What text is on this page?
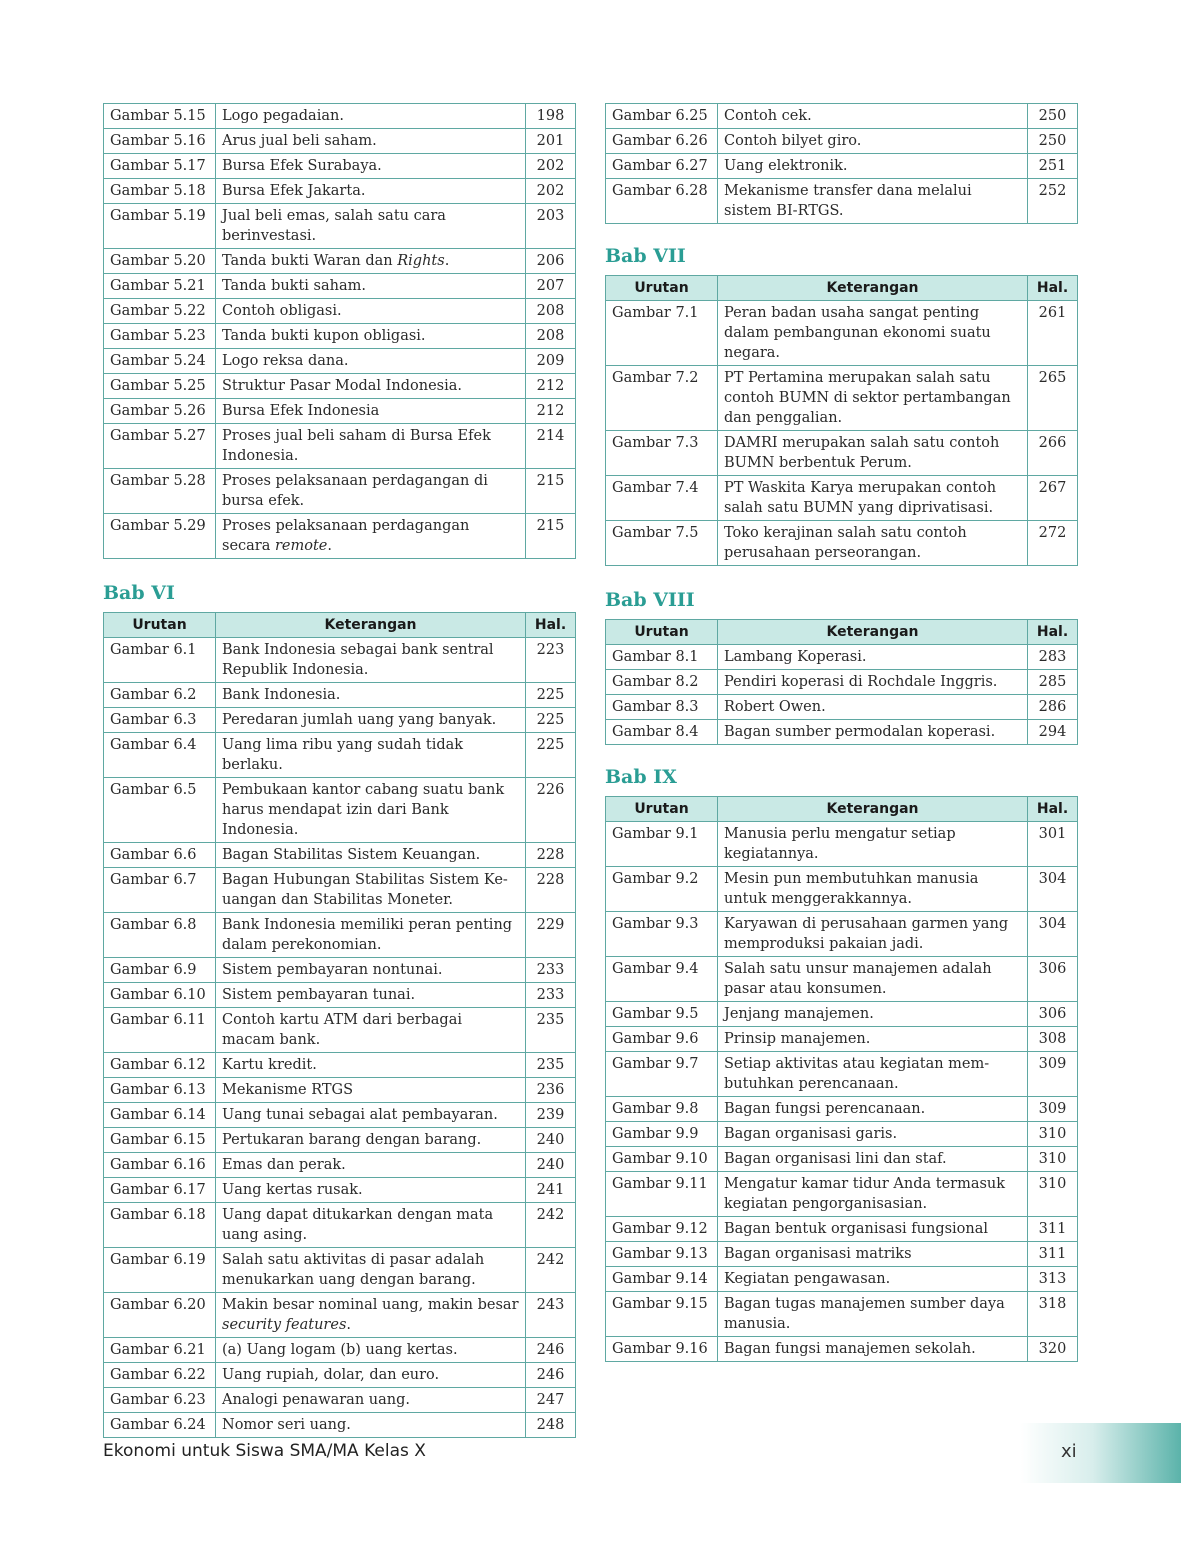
Gambar 5.15	Logo pegadaian.	198
Gambar 5.16	Arus jual beli saham.	201
Gambar 5.17	Bursa Efek Surabaya.	202
Gambar 5.18	Bursa Efek Jakarta.	202
Gambar 5.19	Jual beli emas, salah satu cara berinvestasi.	203
Gambar 5.20	Tanda bukti Waran dan Rights.	206
Gambar 5.21	Tanda bukti saham.	207
Gambar 5.22	Contoh obligasi.	208
Gambar 5.23	Tanda bukti kupon obligasi.	208
Gambar 5.24	Logo reksa dana.	209
Gambar 5.25	Struktur Pasar Modal Indonesia.	212
Gambar 5.26	Bursa Efek Indonesia	212
Gambar 5.27	Proses jual beli saham di Bursa Efek Indonesia.	214
Gambar 5.28	Proses pelaksanaan perdagangan di bursa efek.	215
Gambar 5.29	Proses pelaksanaan perdagangan secara remote.	215
Bab VI
Urutan	Keterangan	Hal.
Gambar 6.1	Bank Indonesia sebagai bank sentral Republik Indonesia.	223
Gambar 6.2	Bank Indonesia.	225
Gambar 6.3	Peredaran jumlah uang yang banyak.	225
Gambar 6.4	Uang lima ribu yang sudah tidak berlaku.	225
Gambar 6.5	Pembukaan kantor cabang suatu bank harus mendapat izin dari Bank Indonesia.	226
Gambar 6.6	Bagan Stabilitas Sistem Keuangan.	228
Gambar 6.7	Bagan Hubungan Stabilitas Sistem Ke-uangan dan Stabilitas Moneter.	228
Gambar 6.8	Bank Indonesia memiliki peran penting dalam perekonomian.	229
Gambar 6.9	Sistem pembayaran nontunai.	233
Gambar 6.10	Sistem pembayaran tunai.	233
Gambar 6.11	Contoh kartu ATM dari berbagai macam bank.	235
Gambar 6.12	Kartu kredit.	235
Gambar 6.13	Mekanisme RTGS	236
Gambar 6.14	Uang tunai sebagai alat pembayaran.	239
Gambar 6.15	Pertukaran barang dengan barang.	240
Gambar 6.16	Emas dan perak.	240
Gambar 6.17	Uang kertas rusak.	241
Gambar 6.18	Uang dapat ditukarkan dengan mata uang asing.	242
Gambar 6.19	Salah satu aktivitas di pasar adalah menukarkan uang dengan barang.	242
Gambar 6.20	Makin besar nominal uang, makin besar security features.	243
Gambar 6.21	(a) Uang logam (b) uang kertas.	246
Gambar 6.22	Uang rupiah, dolar, dan euro.	246
Gambar 6.23	Analogi penawaran uang.	247
Gambar 6.24	Nomor seri uang.	248
Gambar 6.25	Contoh cek.	250
Gambar 6.26	Contoh bilyet giro.	250
Gambar 6.27	Uang elektronik.	251
Gambar 6.28	Mekanisme transfer dana melalui sistem BI-RTGS.	252
Bab VII
Urutan	Keterangan	Hal.
Gambar 7.1	Peran badan usaha sangat penting dalam pembangunan ekonomi suatu negara.	261
Gambar 7.2	PT Pertamina merupakan salah satu contoh BUMN di sektor pertambangan dan penggalian.	265
Gambar 7.3	DAMRI merupakan salah satu contoh BUMN berbentuk Perum.	266
Gambar 7.4	PT Waskita Karya merupakan contoh salah satu BUMN yang diprivatisasi.	267
Gambar 7.5	Toko kerajinan salah satu contoh perusahaan perseorangan.	272
Bab VIII
Urutan	Keterangan	Hal.
Gambar 8.1	Lambang Koperasi.	283
Gambar 8.2	Pendiri koperasi di Rochdale Inggris.	285
Gambar 8.3	Robert Owen.	286
Gambar 8.4	Bagan sumber permodalan koperasi.	294
Bab IX
Urutan	Keterangan	Hal.
Gambar 9.1	Manusia perlu mengatur setiap kegiatannya.	301
Gambar 9.2	Mesin pun membutuhkan manusia untuk menggerakkannya.	304
Gambar 9.3	Karyawan di perusahaan garmen yang memproduksi pakaian jadi.	304
Gambar 9.4	Salah satu unsur manajemen adalah pasar atau konsumen.	306
Gambar 9.5	Jenjang manajemen.	306
Gambar 9.6	Prinsip manajemen.	308
Gambar 9.7	Setiap aktivitas atau kegiatan mem-butuhkan perencanaan.	309
Gambar 9.8	Bagan fungsi perencanaan.	309
Gambar 9.9	Bagan organisasi garis.	310
Gambar 9.10	Bagan organisasi lini dan staf.	310
Gambar 9.11	Mengatur kamar tidur Anda termasuk kegiatan pengorganisasian.	310
Gambar 9.12	Bagan bentuk organisasi fungsional	311
Gambar 9.13	Bagan organisasi matriks	311
Gambar 9.14	Kegiatan pengawasan.	313
Gambar 9.15	Bagan tugas manajemen sumber daya manusia.	318
Gambar 9.16	Bagan fungsi manajemen sekolah.	320
Ekonomi untuk Siswa SMA/MA Kelas X	xi
